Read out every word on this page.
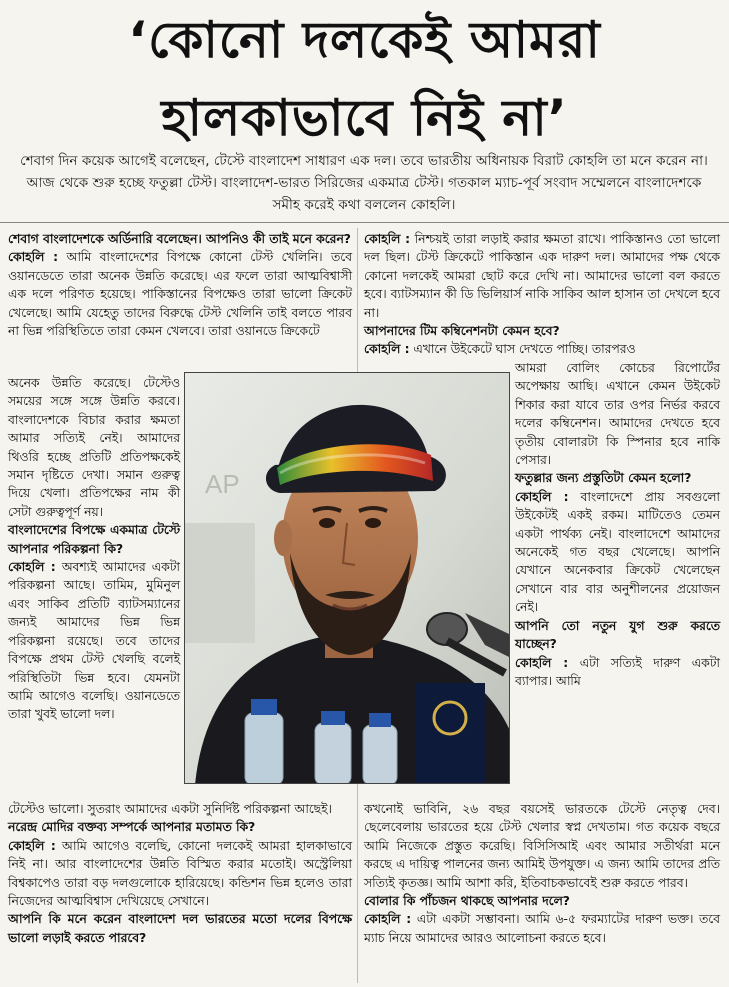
‘কোনো দলকেই আমরা
হালকাভাবে নিই না’
শেবাগ দিন কয়েক আগেই বলেছেন, টেস্টে বাংলাদেশ সাধারণ এক দল। তবে ভারতীয় অধিনায়ক বিরাট কোহলি তা মনে করেন না। আজ থেকে শুরু হচ্ছে ফতুল্লা টেস্ট। বাংলাদেশ-ভারত সিরিজের একমাত্র টেস্ট। গতকাল ম্যাচ-পূর্ব সংবাদ সম্মেলনে বাংলাদেশকে সমীহ করেই কথা বললেন কোহলি।

শেবাগ বাংলাদেশকে অর্ডিনারি বলেছেন। আপনিও কী তাই মনে করেন?

কোহলি : আমি বাংলাদেশের বিপক্ষে কোনো টেস্ট খেলিনি। তবে ওয়ানডেতে তারা অনেক উন্নতি করেছে। এর ফলে তারা আত্মবিশ্বাসী এক দলে পরিণত হয়েছে। পাকিস্তানের বিপক্ষেও তারা ভালো ক্রিকেট খেলেছে। আমি যেহেতু তাদের বিরুদ্ধে টেস্ট খেলিনি তাই বলতে পারব না ভিন্ন পরিস্থিতিতে তারা কেমন খেলবে। তারা ওয়ানডে ক্রিকেটে

অনেক উন্নতি করেছে। টেস্টেও সময়ের সঙ্গে সঙ্গে উন্নতি করবে। বাংলাদেশকে বিচার করার ক্ষমতা আমার সত্যিই নেই। আমাদের থিওরি হচ্ছে প্রতিটি প্রতিপক্ষকেই সমান দৃষ্টিতে দেখা। সমান গুরুত্ব দিয়ে খেলা। প্রতিপক্ষের নাম কী সেটা গুরুত্বপূর্ণ নয়।

বাংলাদেশের বিপক্ষে একমাত্র টেস্টে আপনার পরিকল্পনা কি?

কোহলি : অবশ্যই আমাদের একটা পরিকল্পনা আছে। তামিম, মুমিনুল এবং সাকিব প্রতিটি ব্যাটসম্যানের জন্যই আমাদের ভিন্ন ভিন্ন পরিকল্পনা রয়েছে। তবে তাদের বিপক্ষে প্রথম টেস্ট খেলছি বলেই পরিস্থিতিটা ভিন্ন হবে। যেমনটা আমি আগেও বলেছি। ওয়ানডেতে তারা খুবই ভালো দল।

AP

টেস্টেও ভালো। সুতরাং আমাদের একটা সুনির্দিষ্ট পরিকল্পনা আছেই।

নরেন্দ্র মোদির বক্তব্য সম্পর্কে আপনার মতামত কি?

কোহলি : আমি আগেও বলেছি, কোনো দলকেই আমরা হালকাভাবে নিই না। আর বাংলাদেশের উন্নতি বিস্মিত করার মতোই। অস্ট্রেলিয়া বিশ্বকাপেও তারা বড় দলগুলোকে হারিয়েছে। কন্ডিশন ভিন্ন হলেও তারা নিজেদের আত্মবিশ্বাস দেখিয়েছে সেখানে।

আপনি কি মনে করেন বাংলাদেশ দল ভারতের মতো দলের বিপক্ষে ভালো লড়াই করতে পারবে?

কোহলি : নিশ্চয়ই তারা লড়াই করার ক্ষমতা রাখে। পাকিস্তানও তো ভালো দল ছিল। টেস্ট ক্রিকেটে পাকিস্তান এক দারুণ দল। আমাদের পক্ষ থেকে কোনো দলকেই আমরা ছোট করে দেখি না। আমাদের ভালো বল করতে হবে। ব্যাটসম্যান কী ডি ভিলিয়ার্স নাকি সাকিব আল হাসান তা দেখলে হবে না।

আপনাদের টিম কম্বিনেশনটা কেমন হবে?

কোহলি : এখানে উইকেটে ঘাস দেখতে পাচ্ছি। তারপরও

আমরা বোলিং কোচের রিপোর্টের অপেক্ষায় আছি। এখানে কেমন উইকেট শিকার করা যাবে তার ওপর নির্ভর করবে দলের কম্বিনেশন। আমাদের দেখতে হবে তৃতীয় বোলারটা কি স্পিনার হবে নাকি পেসার।

ফতুল্লার জন্য প্রস্তুতিটা কেমন হলো?

কোহলি : বাংলাদেশে প্রায় সবগুলো উইকেটই একই রকম। মাটিতেও তেমন একটা পার্থক্য নেই। বাংলাদেশে আমাদের অনেকেই গত বছর খেলেছে। আপনি যেখানে অনেকবার ক্রিকেট খেলেছেন সেখানে বার বার অনুশীলনের প্রয়োজন নেই।

আপনি তো নতুন যুগ শুরু করতে যাচ্ছেন?

কোহলি : এটা সত্যিই দারুণ একটা ব্যাপার। আমি

কখনোই ভাবিনি, ২৬ বছর বয়সেই ভারতকে টেস্টে নেতৃত্ব দেব। ছেলেবেলায় ভারতের হয়ে টেস্ট খেলার স্বপ্ন দেখতাম। গত কয়েক বছরে আমি নিজেকে প্রস্তুত করেছি। বিসিসিআই এবং আমার সতীর্থরা মনে করছে এ দায়িত্ব পালনের জন্য আমিই উপযুক্ত। এ জন্য আমি তাদের প্রতি সত্যিই কৃতজ্ঞ। আমি আশা করি, ইতিবাচকভাবেই শুরু করতে পারব।

বোলার কি পাঁচজন থাকছে আপনার দলে?

কোহলি : এটা একটা সম্ভাবনা। আমি ৬-৫ ফরম্যাটের দারুণ ভক্ত। তবে ম্যাচ নিয়ে আমাদের আরও আলোচনা করতে হবে।
